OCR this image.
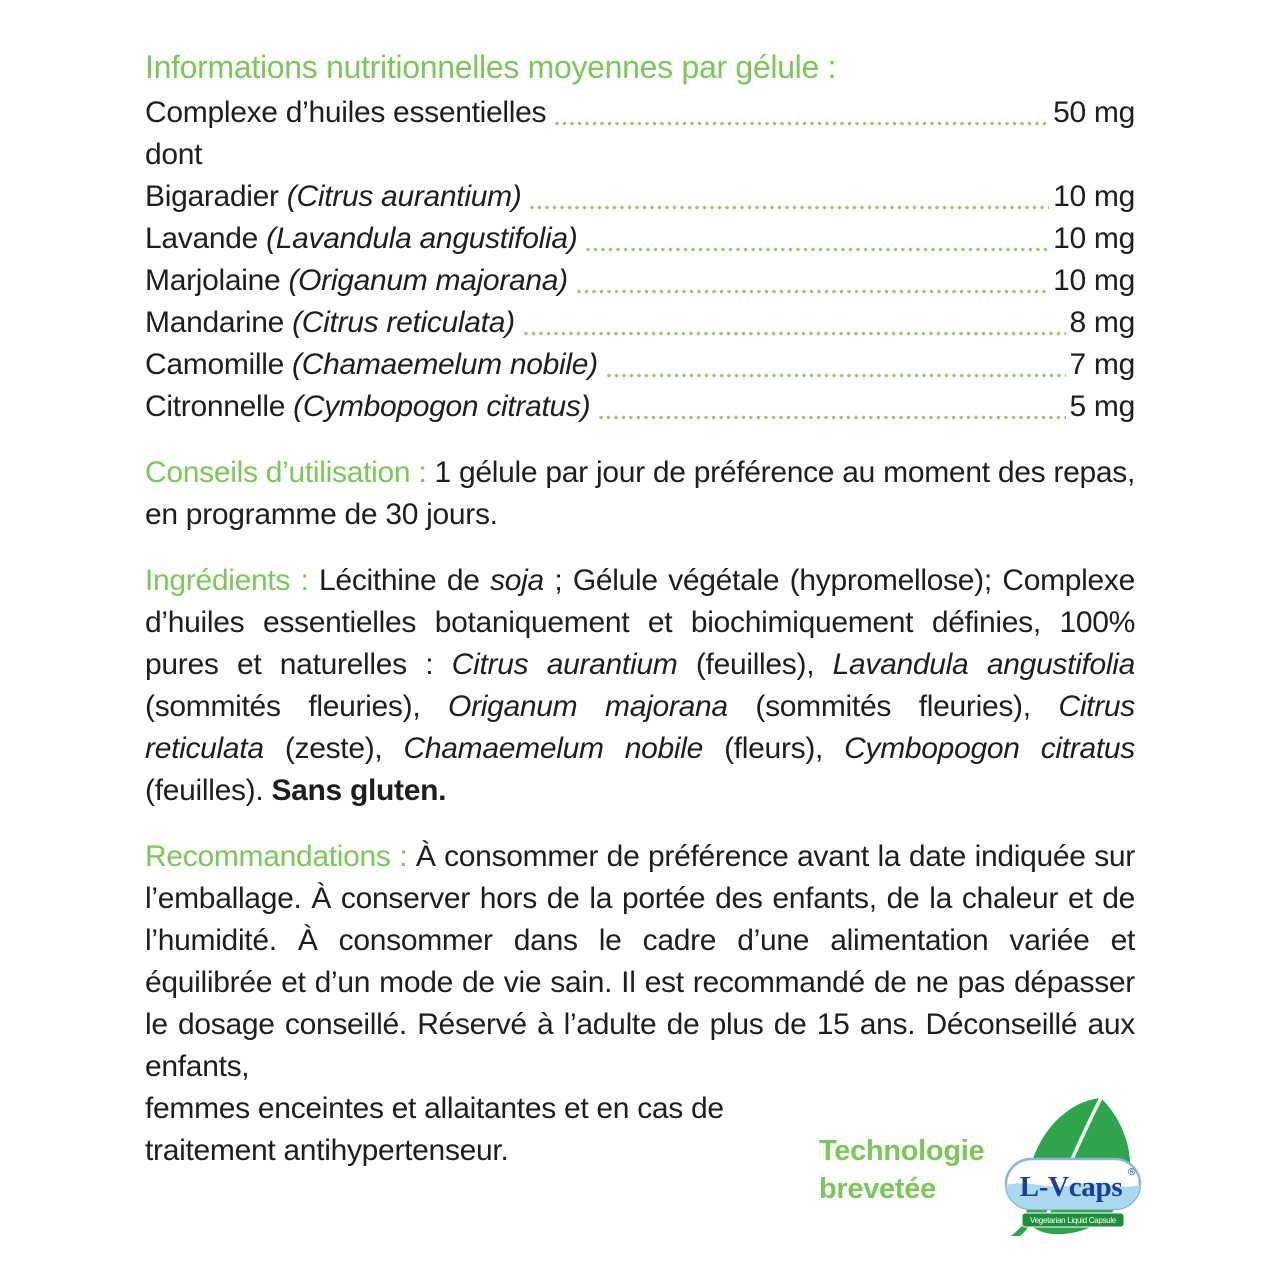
Informations nutritionnelles moyennes par gélule :
Complexe d’huiles essentielles	50 mg
dont
Bigaradier (Citrus aurantium)	10 mg
Lavande (Lavandula angustifolia)	10 mg
Marjolaine (Origanum majorana)	10 mg
Mandarine (Citrus reticulata)	8 mg
Camomille (Chamaemelum nobile)	7 mg
Citronnelle (Cymbopogon citratus)	5 mg

Conseils d’utilisation : 1 gélule par jour de préférence au moment des repas, en programme de 30 jours.

Ingrédients : Lécithine de soja ; Gélule végétale (hypromellose); Complexe d’huiles essentielles botaniquement et biochimiquement définies, 100% pures et naturelles : Citrus aurantium (feuilles), Lavandula angustifolia (sommités fleuries), Origanum majorana (sommités fleuries), Citrus reticulata (zeste), Chamaemelum nobile (fleurs), Cymbopogon citratus (feuilles). Sans gluten.

Recommandations : À consommer de préférence avant la date indiquée sur l’emballage. À conserver hors de la portée des enfants, de la chaleur et de l’humidité. À consommer dans le cadre d’une alimentation variée et équilibrée et d’un mode de vie sain. Il est recommandé de ne pas dépasser le dosage conseillé. Réservé à l’adulte de plus de 15 ans. Déconseillé aux enfants,

femmes enceintes et allaitantes et en cas de traitement antihypertenseur.	Technologie brevetée	L-Vcaps ®
Vegetarian Liquid Capsule
